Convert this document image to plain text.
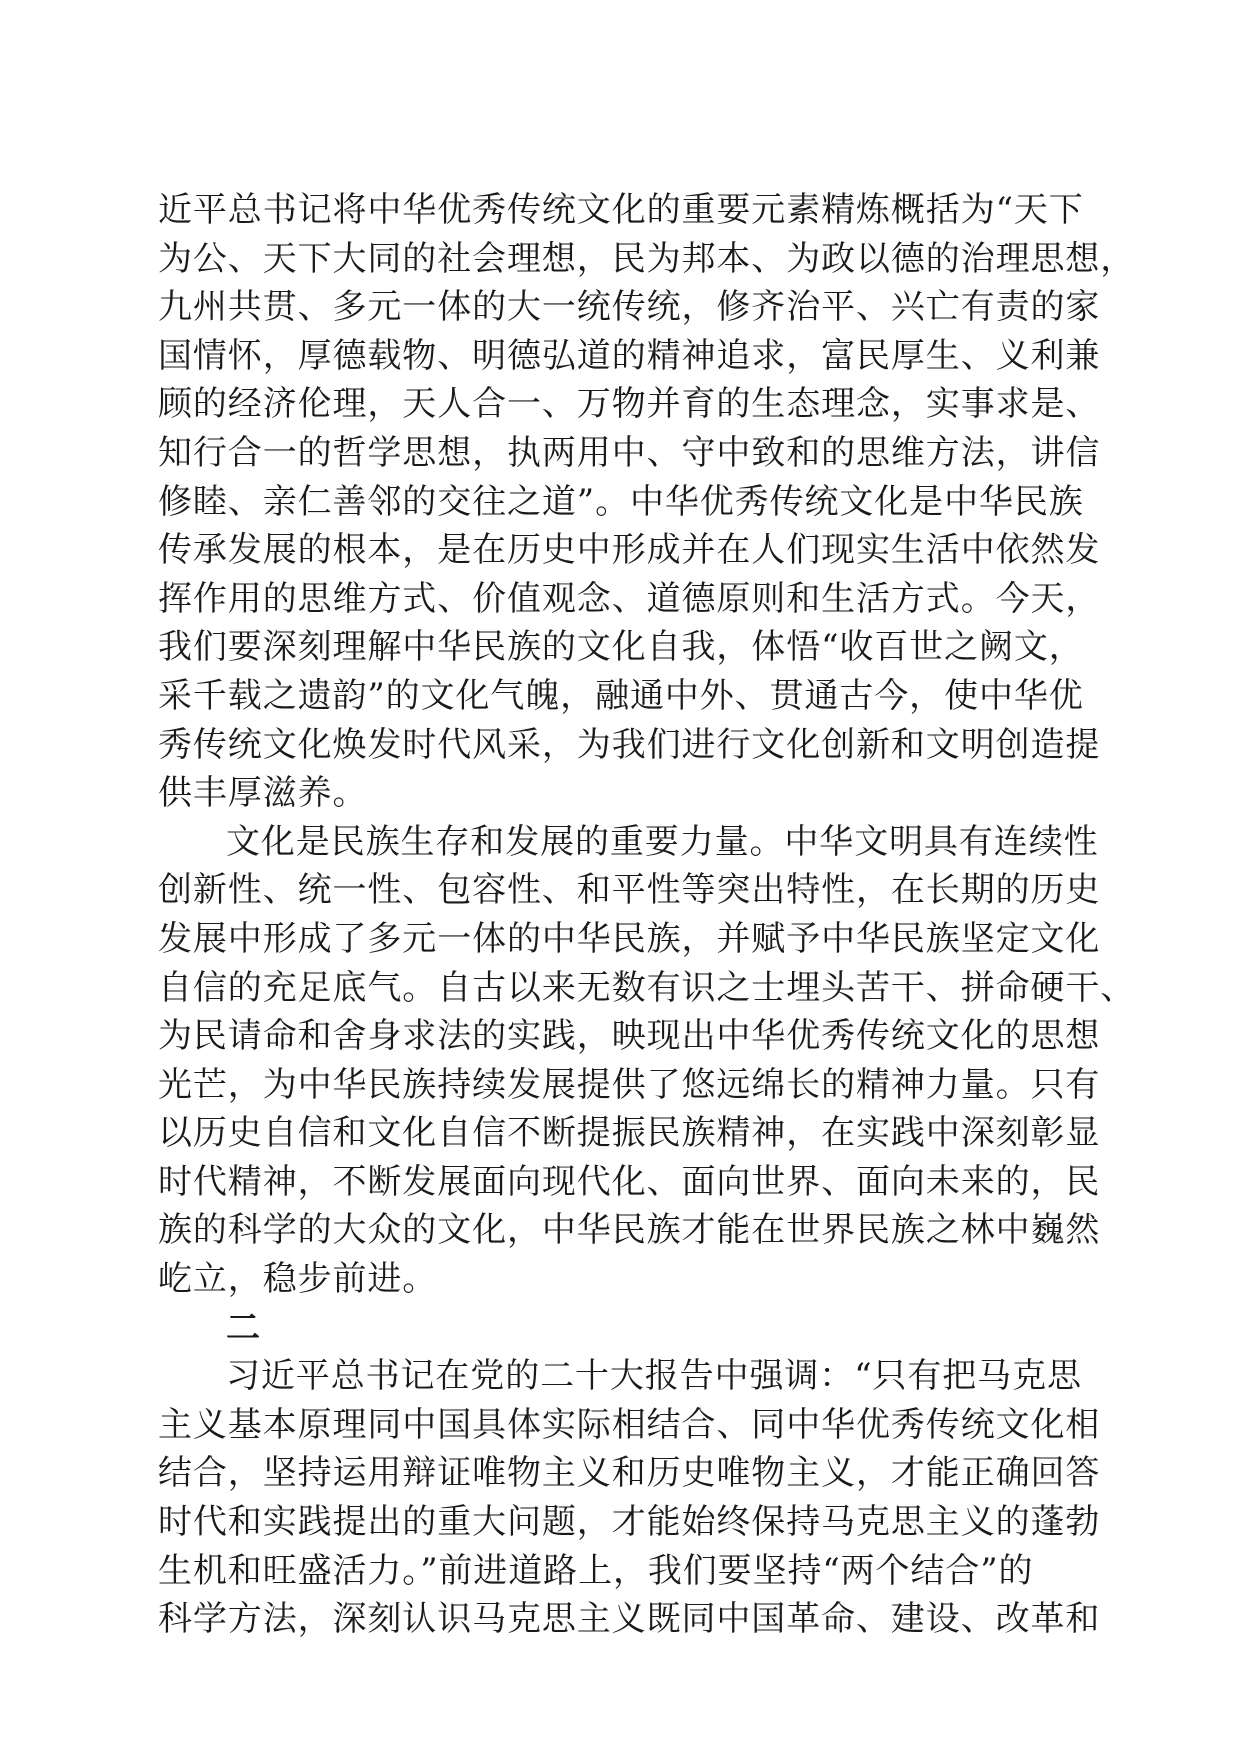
近平总书记将中华优秀传统文化的重要元素精炼概括为“天下
为公、天下大同的社会理想，民为邦本、为政以德的治理思想，
九州共贯、多元一体的大一统传统，修齐治平、兴亡有责的家
国情怀，厚德载物、明德弘道的精神追求，富民厚生、义利兼
顾的经济伦理，天人合一、万物并育的生态理念，实事求是、
知行合一的哲学思想，执两用中、守中致和的思维方法，讲信
修睦、亲仁善邻的交往之道”。中华优秀传统文化是中华民族
传承发展的根本，是在历史中形成并在人们现实生活中依然发
挥作用的思维方式、价值观念、道德原则和生活方式。今天，
我们要深刻理解中华民族的文化自我，体悟“收百世之阙文，
采千载之遗韵”的文化气魄，融通中外、贯通古今，使中华优
秀传统文化焕发时代风采，为我们进行文化创新和文明创造提
供丰厚滋养。
文化是民族生存和发展的重要力量。中华文明具有连续性
创新性、统一性、包容性、和平性等突出特性，在长期的历史
发展中形成了多元一体的中华民族，并赋予中华民族坚定文化
自信的充足底气。自古以来无数有识之士埋头苦干、拼命硬干、
为民请命和舍身求法的实践，映现出中华优秀传统文化的思想
光芒，为中华民族持续发展提供了悠远绵长的精神力量。只有
以历史自信和文化自信不断提振民族精神，在实践中深刻彰显
时代精神，不断发展面向现代化、面向世界、面向未来的，民
族的科学的大众的文化，中华民族才能在世界民族之林中巍然
屹立，稳步前进。
二
习近平总书记在党的二十大报告中强调：“只有把马克思
主义基本原理同中国具体实际相结合、同中华优秀传统文化相
结合，坚持运用辩证唯物主义和历史唯物主义，才能正确回答
时代和实践提出的重大问题，才能始终保持马克思主义的蓬勃
生机和旺盛活力。”前进道路上，我们要坚持“两个结合”的
科学方法，深刻认识马克思主义既同中国革命、建设、改革和
